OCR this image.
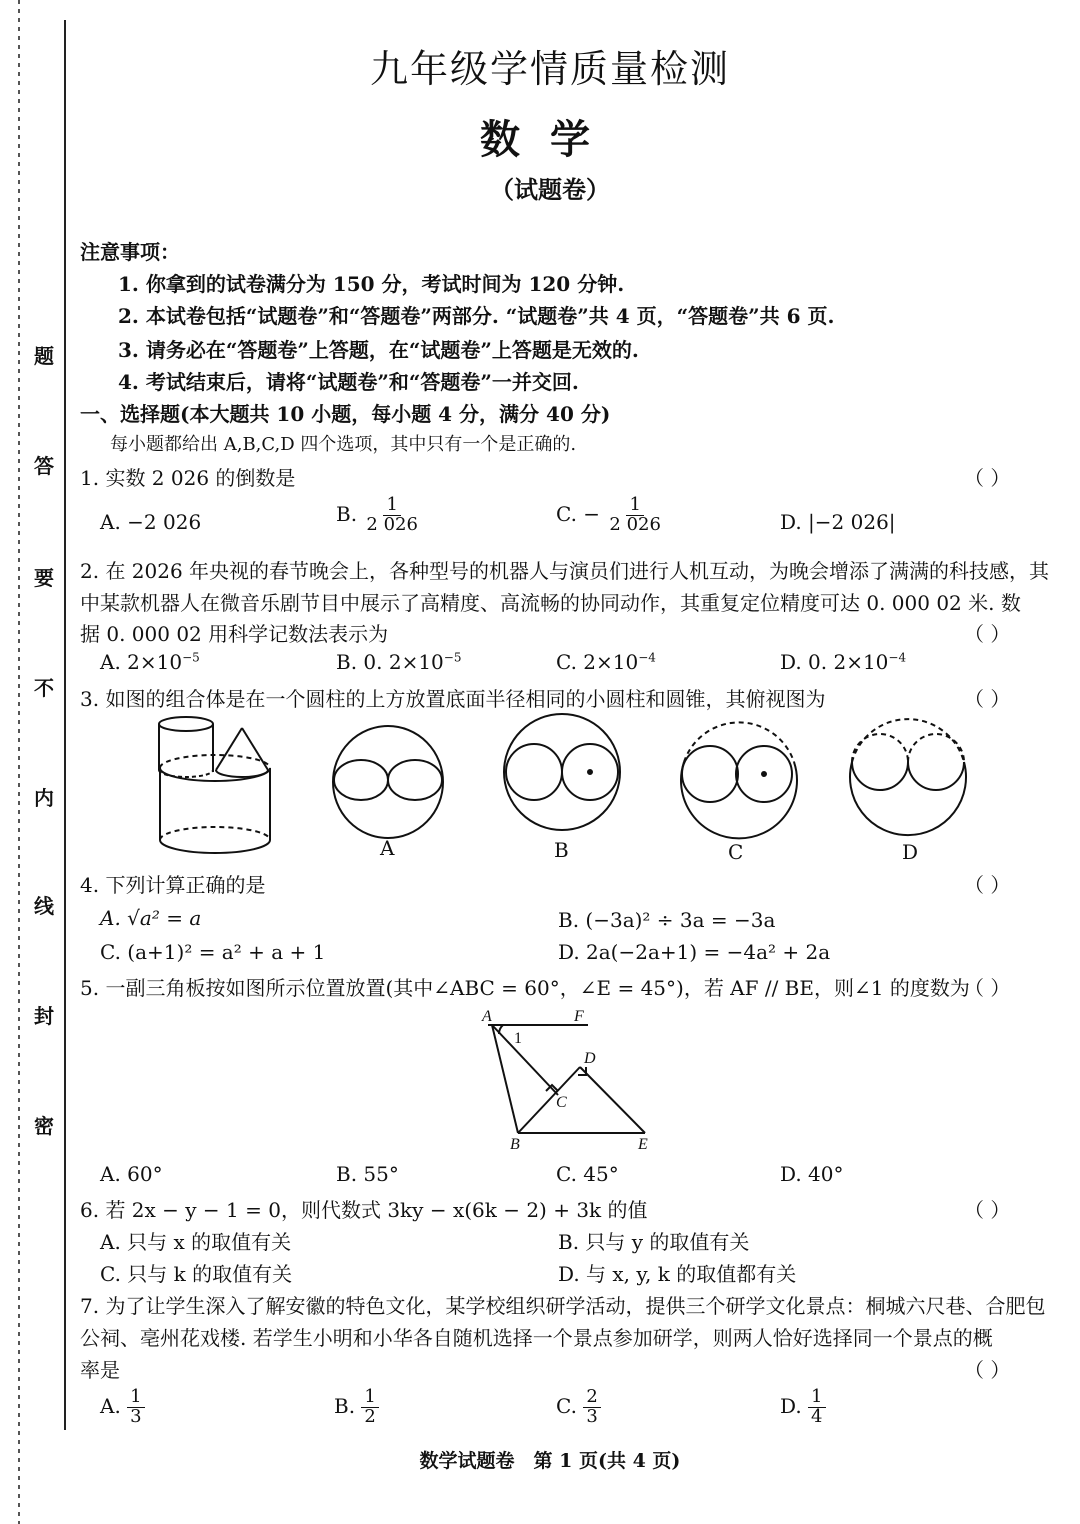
题
答
要
不
内
线
封
密
九年级学情质量检测
数学
（试题卷）
注意事项：
1. 你拿到的试卷满分为 150 分，考试时间为 120 分钟.
2. 本试卷包括“试题卷”和“答题卷”两部分. “试题卷”共 4 页，“答题卷”共 6 页.
3. 请务必在“答题卷”上答题，在“试题卷”上答题是无效的.
4. 考试结束后，请将“试题卷”和“答题卷”一并交回.
一、选择题(本大题共 10 小题，每小题 4 分，满分 40 分)
每小题都给出 A,B,C,D 四个选项，其中只有一个是正确的.
1. 实数 2 026 的倒数是	（ ）
A. −2 026	B. $\frac{1}{2 026}$	C. − $\frac{1}{2 026}$	D. |−2 026|
2. 在 2026 年央视的春节晚会上，各种型号的机器人与演员们进行人机互动，为晚会增添了满满的科技感，其
中某款机器人在微音乐剧节目中展示了高精度、高流畅的协同动作，其重复定位精度可达 0. 000 02 米. 数
据 0. 000 02 用科学记数法表示为	（ ）
A. $2\times 10^{-5}$	B. 0. $2\times 10^{-5}$	C. $2\times 10^{-4}$	D. 0. $2\times 10^{-4}$
3. 如图的组合体是在一个圆柱的上方放置底面半径相同的小圆柱和圆锥，其俯视图为	（ ）
A	B	C	D
4. 下列计算正确的是	（ ）
A. √a² = a	B. (−3a)² ÷ 3a = −3a
C. (a+1)² = a² + a + 1	D. 2a(−2a+1) = −4a² + 2a
5. 一副三角板按如图所示位置放置(其中∠ABC = 60°，∠E = 45°)，若 AF // BE，则∠1 的度数为
（ ）
A	F
1
D
C
B	E
A. 60°	B. 55°	C. 45°	D. 40°
6. 若 2x − y − 1 = 0，则代数式 3ky − x(6k − 2) + 3k 的值	（ ）
A. 只与 x 的取值有关	B. 只与 y 的取值有关
C. 只与 k 的取值有关	D. 与 x, y, k 的取值都有关
7. 为了让学生深入了解安徽的特色文化，某学校组织研学活动，提供三个研学文化景点：桐城六尺巷、合肥包
公祠、亳州花戏楼. 若学生小明和小华各自随机选择一个景点参加研学，则两人恰好选择同一个景点的概
率是	（ ）
A. $\frac{1}{3}$	B. $\frac{1}{2}$	C. $\frac{2}{3}$	D. $\frac{1}{4}$
数学试题卷　第 1 页(共 4 页)
